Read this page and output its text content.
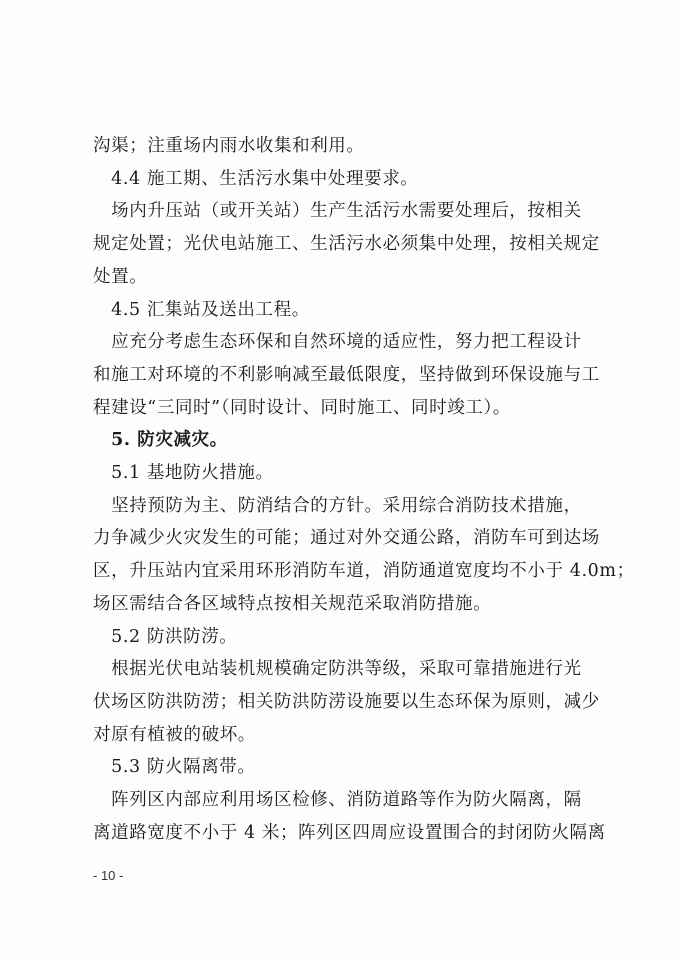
沟渠；注重场内雨水收集和利用。
　4.4 施工期、生活污水集中处理要求。
　场内升压站（或开关站）生产生活污水需要处理后，按相关
规定处置；光伏电站施工、生活污水必须集中处理，按相关规定
处置。
　4.5 汇集站及送出工程。
　应充分考虑生态环保和自然环境的适应性，努力把工程设计
和施工对环境的不利影响减至最低限度，坚持做到环保设施与工
程建设“三同时”（同时设计、同时施工、同时竣工）。
　5. 防灾减灾。
　5.1 基地防火措施。
　坚持预防为主、防消结合的方针。采用综合消防技术措施，
力争减少火灾发生的可能；通过对外交通公路，消防车可到达场
区，升压站内宜采用环形消防车道，消防通道宽度均不小于 4.0m；
场区需结合各区域特点按相关规范采取消防措施。
　5.2 防洪防涝。
　根据光伏电站装机规模确定防洪等级，采取可靠措施进行光
伏场区防洪防涝；相关防洪防涝设施要以生态环保为原则，减少
对原有植被的破坏。
　5.3 防火隔离带。
　阵列区内部应利用场区检修、消防道路等作为防火隔离，隔
离道路宽度不小于 4 米；阵列区四周应设置围合的封闭防火隔离
- 10 -
